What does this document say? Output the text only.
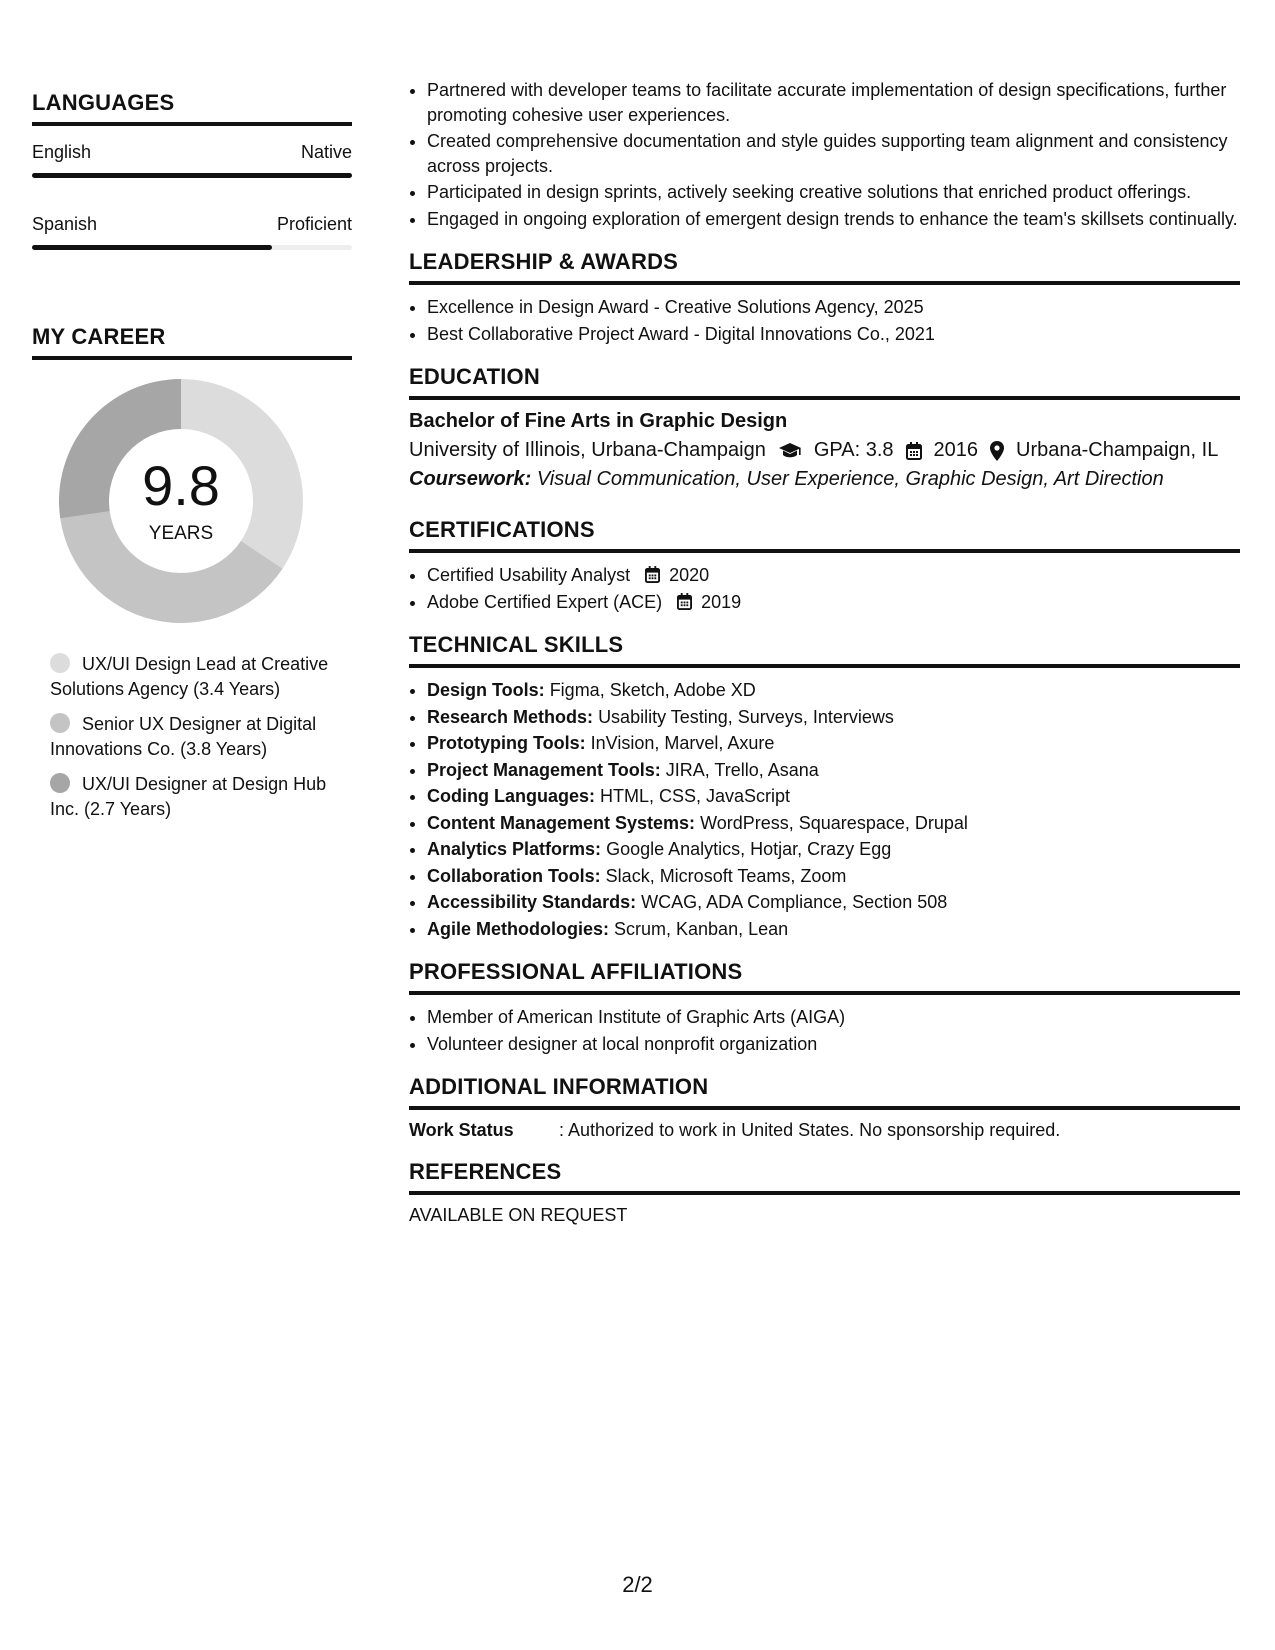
LANGUAGES
English	Native
Spanish	Proficient
MY CAREER
9.8
YEARS
UX/UI Design Lead at Creative Solutions Agency (3.4 Years)
Senior UX Designer at Digital Innovations Co. (3.8 Years)
UX/UI Designer at Design Hub Inc. (2.7 Years)
• Partnered with developer teams to facilitate accurate implementation of design specifications, further promoting cohesive user experiences.
• Created comprehensive documentation and style guides supporting team alignment and consistency across projects.
• Participated in design sprints, actively seeking creative solutions that enriched product offerings.
• Engaged in ongoing exploration of emergent design trends to enhance the team's skillsets continually.
LEADERSHIP & AWARDS
• Excellence in Design Award - Creative Solutions Agency, 2025
• Best Collaborative Project Award - Digital Innovations Co., 2021
EDUCATION
Bachelor of Fine Arts in Graphic Design
University of Illinois, Urbana-Champaign GPA: 3.8 2016 Urbana-Champaign, IL
Coursework: Visual Communication, User Experience, Graphic Design, Art Direction
CERTIFICATIONS
• Certified Usability Analyst 2020
• Adobe Certified Expert (ACE) 2019
TECHNICAL SKILLS
• Design Tools: Figma, Sketch, Adobe XD
• Research Methods: Usability Testing, Surveys, Interviews
• Prototyping Tools: InVision, Marvel, Axure
• Project Management Tools: JIRA, Trello, Asana
• Coding Languages: HTML, CSS, JavaScript
• Content Management Systems: WordPress, Squarespace, Drupal
• Analytics Platforms: Google Analytics, Hotjar, Crazy Egg
• Collaboration Tools: Slack, Microsoft Teams, Zoom
• Accessibility Standards: WCAG, ADA Compliance, Section 508
• Agile Methodologies: Scrum, Kanban, Lean
PROFESSIONAL AFFILIATIONS
• Member of American Institute of Graphic Arts (AIGA)
• Volunteer designer at local nonprofit organization
ADDITIONAL INFORMATION
Work Status	: Authorized to work in United States. No sponsorship required.
REFERENCES
AVAILABLE ON REQUEST
2/2
